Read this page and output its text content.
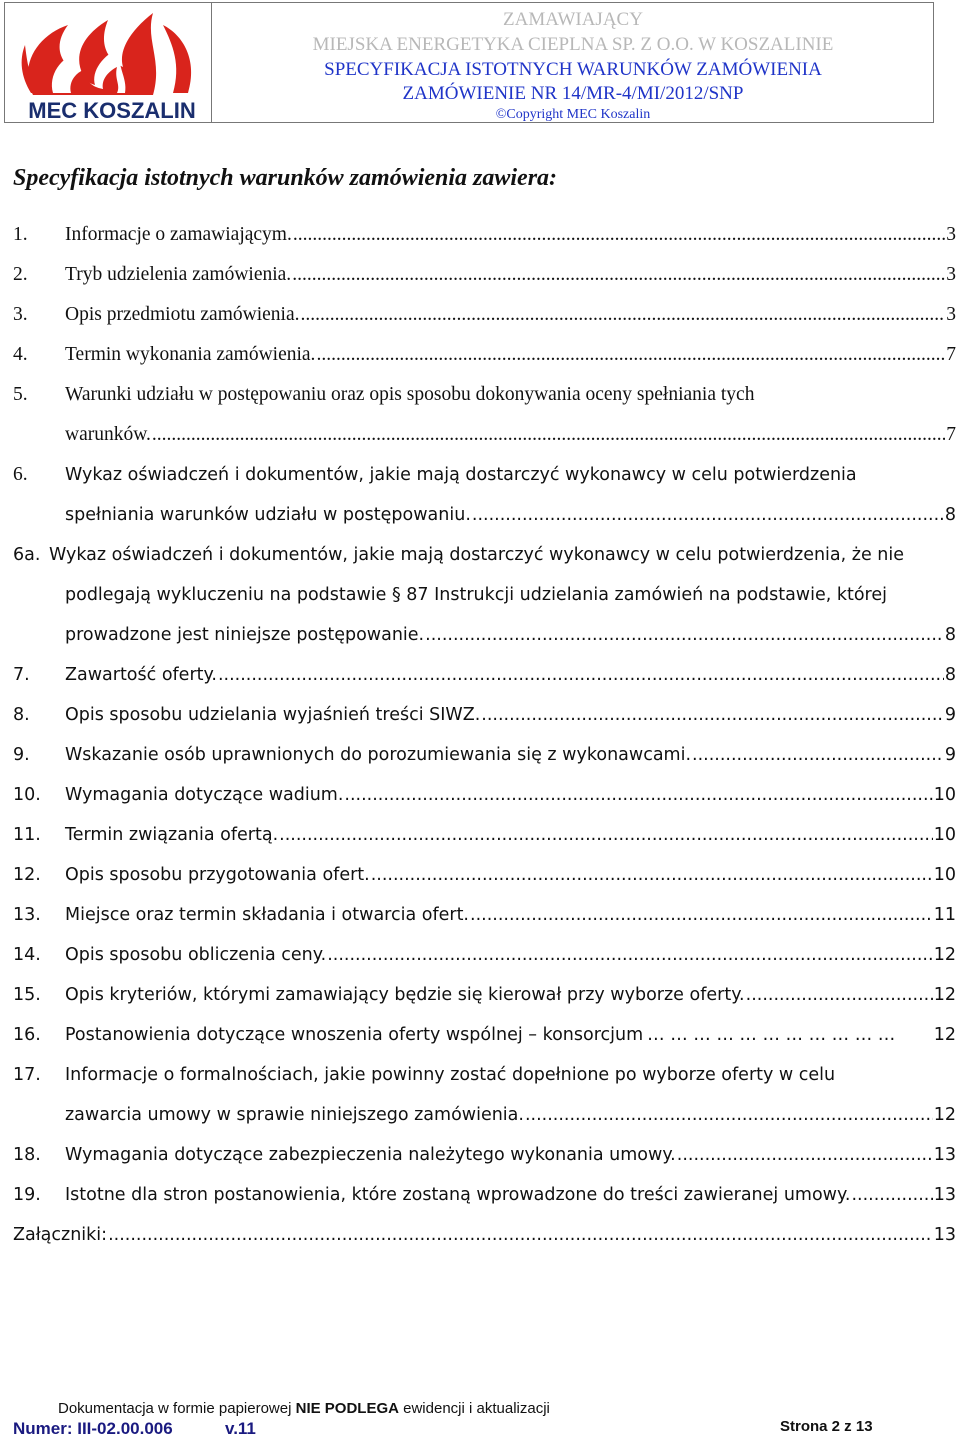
MEC KOSZALIN
ZAMAWIAJĄCY
MIEJSKA ENERGETYKA CIEPLNA SP. Z O.O. W KOSZALINIE
SPECYFIKACJA ISTOTNYCH WARUNKÓW ZAMÓWIENIA
ZAMÓWIENIE NR 14/MR-4/MI/2012/SNP
©Copyright MEC Koszalin
Specyfikacja istotnych warunków zamówienia zawiera:
1. Informacje o zamawiającym. .....	3
2. Tryb udzielenia zamówienia. .....	3
3. Opis przedmiotu zamówienia. .....	3
4. Termin wykonania zamówienia. .....	7
5. Warunki udziału w postępowaniu oraz opis sposobu dokonywania oceny spełniania tych
warunków. .....	7
6. Wykaz oświadczeń i dokumentów, jakie mają dostarczyć wykonawcy w celu potwierdzenia
spełniania warunków udziału w postępowaniu. .....	8
6a. Wykaz oświadczeń i dokumentów, jakie mają dostarczyć wykonawcy w celu potwierdzenia, że nie
podlegają wykluczeniu na podstawie § 87 Instrukcji udzielania zamówień na podstawie, której
prowadzone jest niniejsze postępowanie. .....	8
7. Zawartość oferty. .....	8
8. Opis sposobu udzielania wyjaśnień treści SIWZ. .....	9
9. Wskazanie osób uprawnionych do porozumiewania się z wykonawcami. .....	9
10. Wymagania dotyczące wadium. .....	10
11. Termin związania ofertą. .....	10
12. Opis sposobu przygotowania ofert. .....	10
13. Miejsce oraz termin składania i otwarcia ofert. .....	11
14. Opis sposobu obliczenia ceny. .....	12
15. Opis kryteriów, którymi zamawiający będzie się kierował przy wyborze oferty. .....	12
16. Postanowienia dotyczące wnoszenia oferty wspólnej – konsorcjum … … … … … … … … … … …	12
17. Informacje o formalnościach, jakie powinny zostać dopełnione po wyborze oferty w celu
zawarcia umowy w sprawie niniejszego zamówienia. .....	12
18. Wymagania dotyczące zabezpieczenia należytego wykonania umowy. .....	13
19. Istotne dla stron postanowienia, które zostaną wprowadzone do treści zawieranej umowy. .....	13
Załączniki: .....	13
Dokumentacja w formie papierowej NIE PODLEGA ewidencji i aktualizacji
Numer: III-02.00.006	v.11	Strona 2 z 13
